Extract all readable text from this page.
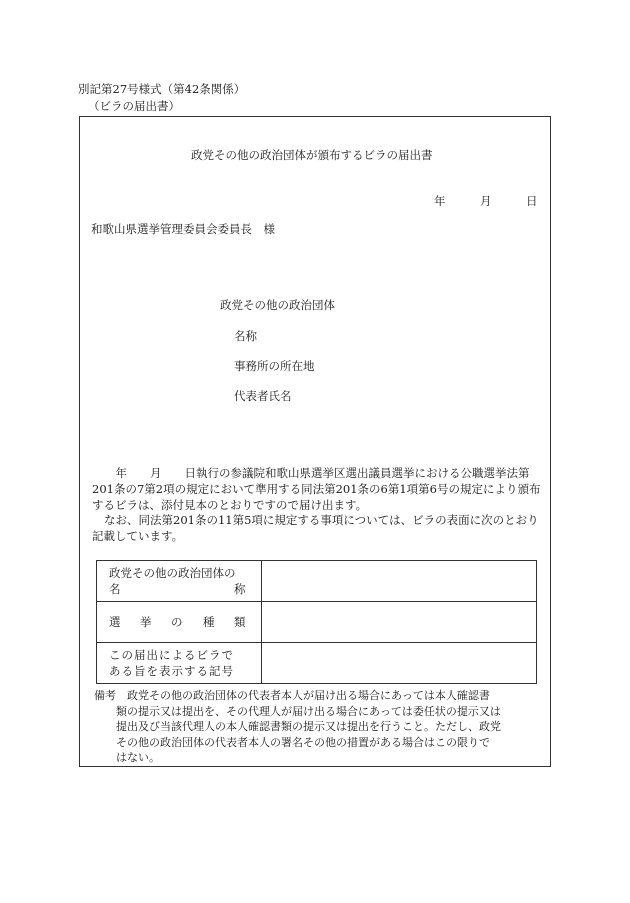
別記第27号様式（第42条関係）
（ビラの届出書）
政党その他の政治団体が頒布するビラの届出書
年	月	日
和歌山県選挙管理委員会委員長　様
政党その他の政治団体
名称
事務所の所在地
代表者氏名
　年　　月　　日執行の参議院和歌山県選挙区選出議員選挙における公職選挙法第
201条の7第2項の規定において準用する同法第201条の6第1項第6号の規定により頒布
するビラは、添付見本のとおりですので届け出ます。
なお、同法第201条の11第5項に規定する事項については、ビラの表面に次のとおり
記載しています。
政党その他の政治団体の
名 称	

選 挙 の 種 類	

この届出によるビラで
ある旨を表示する記号	

備考　政党その他の政治団体の代表者本人が届け出る場合にあっては本人確認書
類の提示又は提出を、その代理人が届け出る場合にあっては委任状の提示又は
提出及び当該代理人の本人確認書類の提示又は提出を行うこと。ただし、政党
その他の政治団体の代表者本人の署名その他の措置がある場合はこの限りで
はない。
